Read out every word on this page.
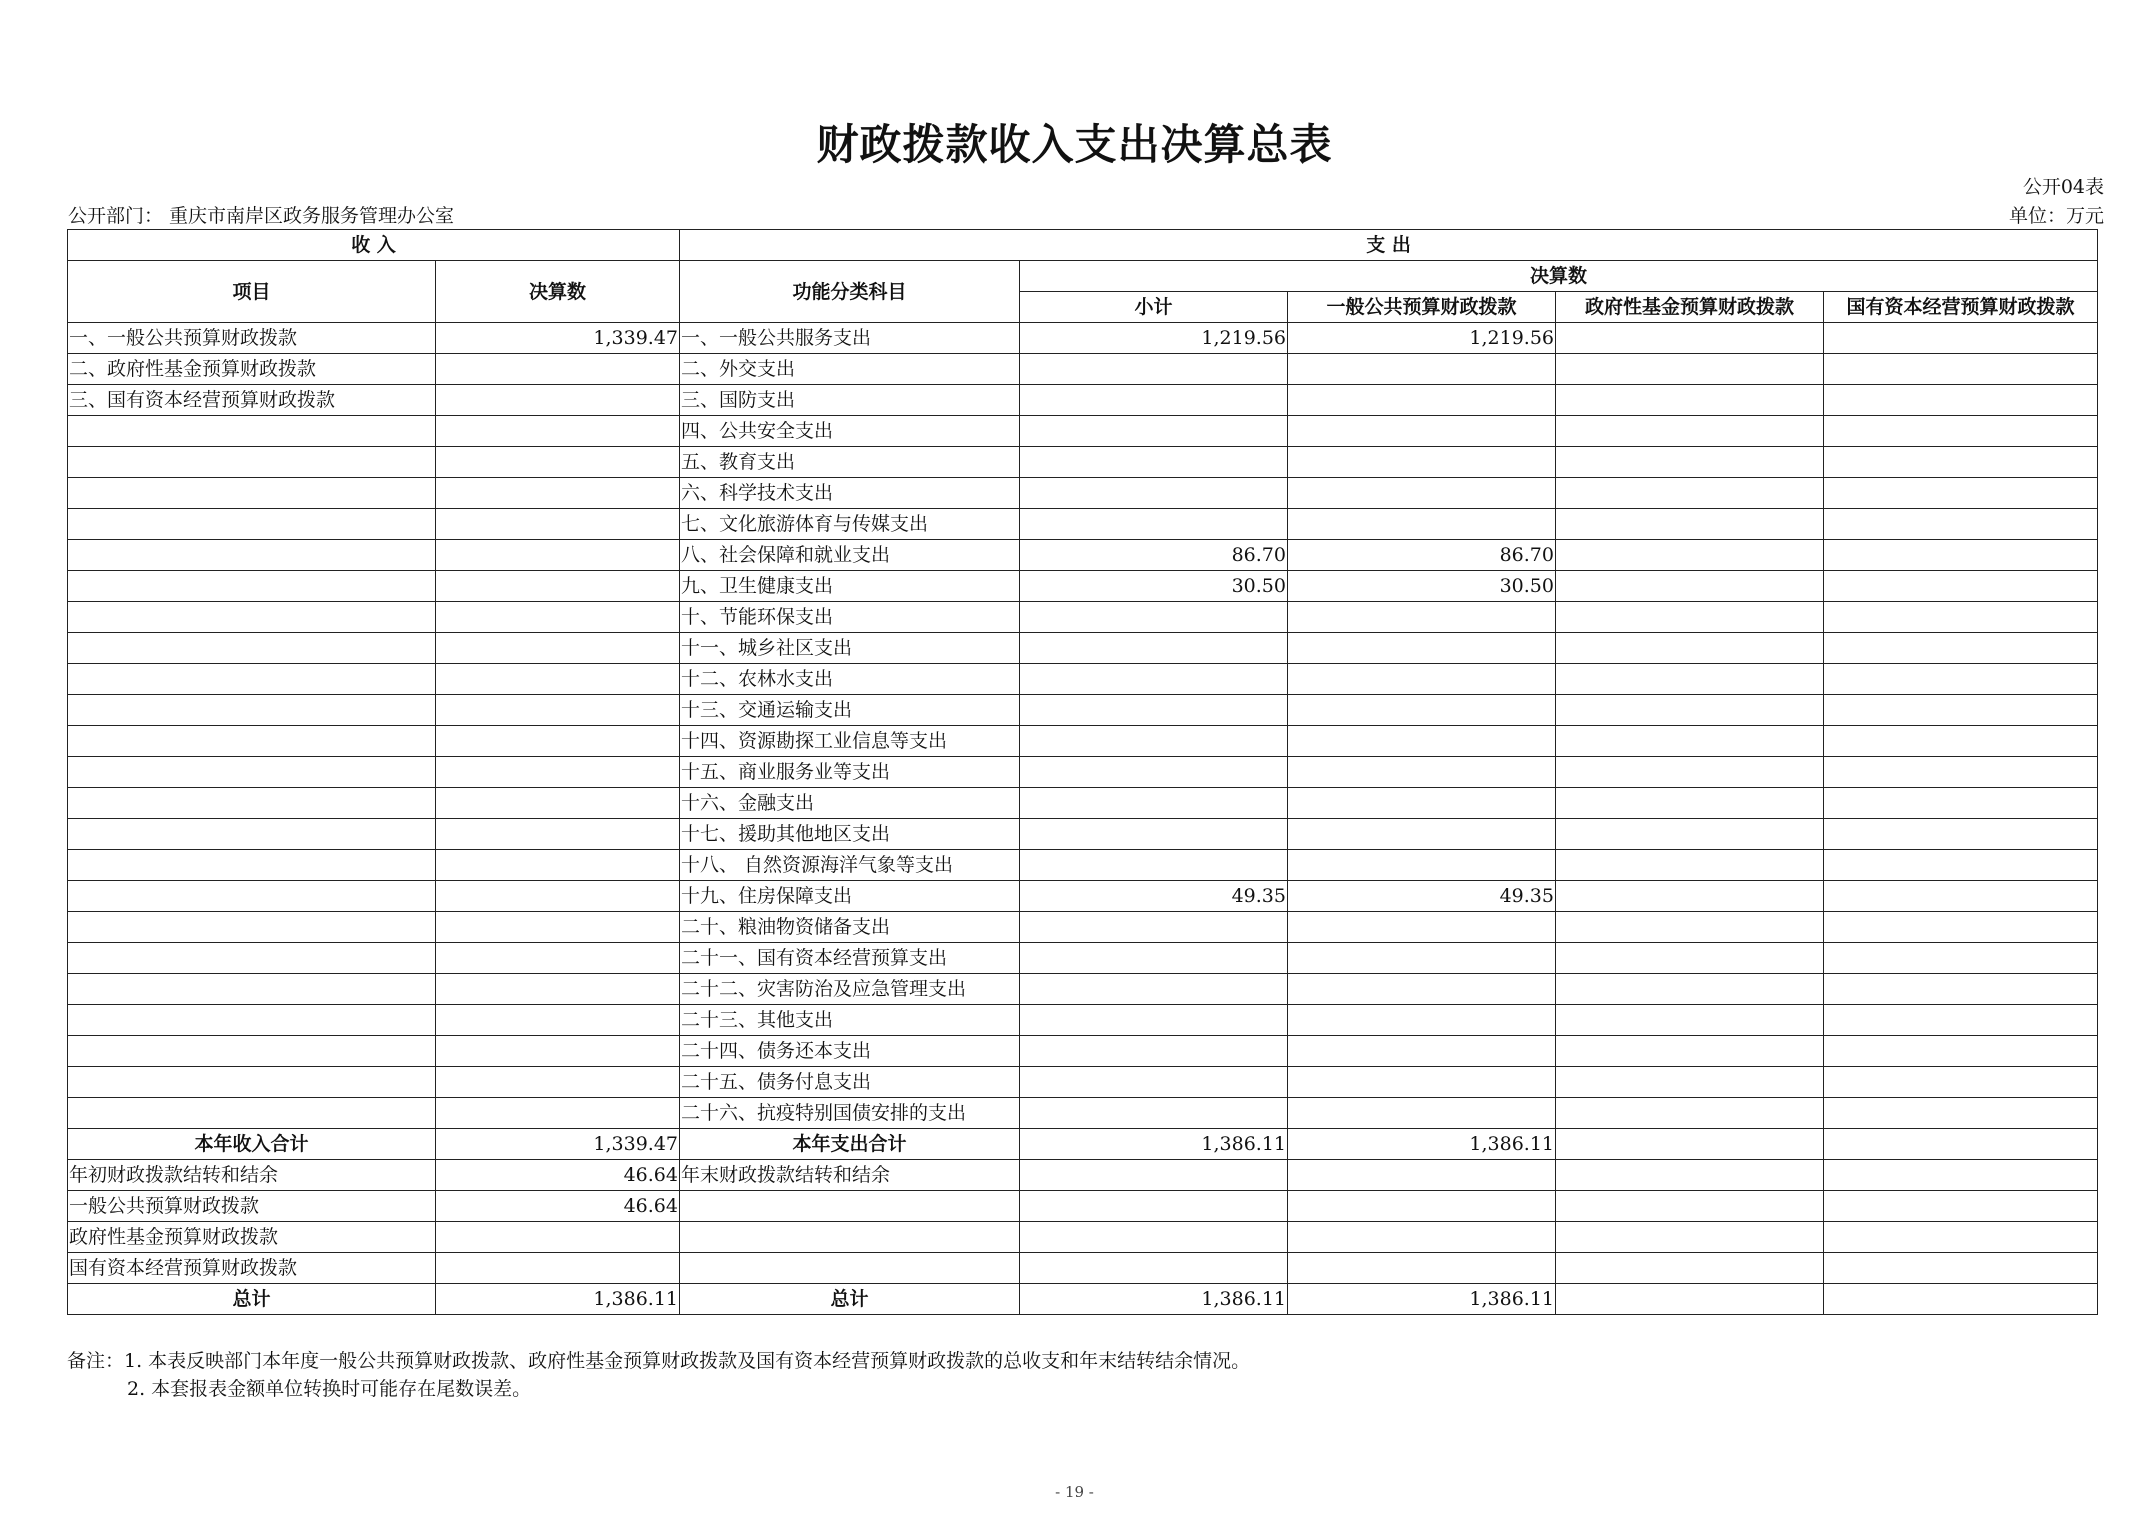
财政拨款收入支出决算总表
公开04表
公开部门： 重庆市南岸区政务服务管理办公室	单位：万元
收 入		支 出				
项目	决算数	功能分类科目	决算数			
			小计	一般公共预算财政拨款	政府性基金预算财政拨款	国有资本经营预算财政拨款
一、一般公共预算财政拨款	1,339.47	一、一般公共服务支出	1,219.56	1,219.56		
二、政府性基金预算财政拨款		二、外交支出				
三、国有资本经营预算财政拨款		三、国防支出				
		四、公共安全支出				
		五、教育支出				
		六、科学技术支出				
		七、文化旅游体育与传媒支出				
		八、社会保障和就业支出	86.70	86.70		
		九、卫生健康支出	30.50	30.50		
		十、节能环保支出				
		十一、城乡社区支出				
		十二、农林水支出				
		十三、交通运输支出				
		十四、资源勘探工业信息等支出				
		十五、商业服务业等支出				
		十六、金融支出				
		十七、援助其他地区支出				
		十八、 自然资源海洋气象等支出				
		十九、住房保障支出	49.35	49.35		
		二十、粮油物资储备支出				
		二十一、国有资本经营预算支出				
		二十二、灾害防治及应急管理支出				
		二十三、其他支出				
		二十四、债务还本支出				
		二十五、债务付息支出				
		二十六、抗疫特别国债安排的支出				
本年收入合计	1,339.47	本年支出合计	1,386.11	1,386.11		
年初财政拨款结转和结余	46.64	年末财政拨款结转和结余				
一般公共预算财政拨款	46.64					
政府性基金预算财政拨款						
国有资本经营预算财政拨款						
总计	1,386.11	总计	1,386.11	1,386.11		
备注：1. 本表反映部门本年度一般公共预算财政拨款、政府性基金预算财政拨款及国有资本经营预算财政拨款的总收支和年末结转结余情况。
2. 本套报表金额单位转换时可能存在尾数误差。
- 19 -
